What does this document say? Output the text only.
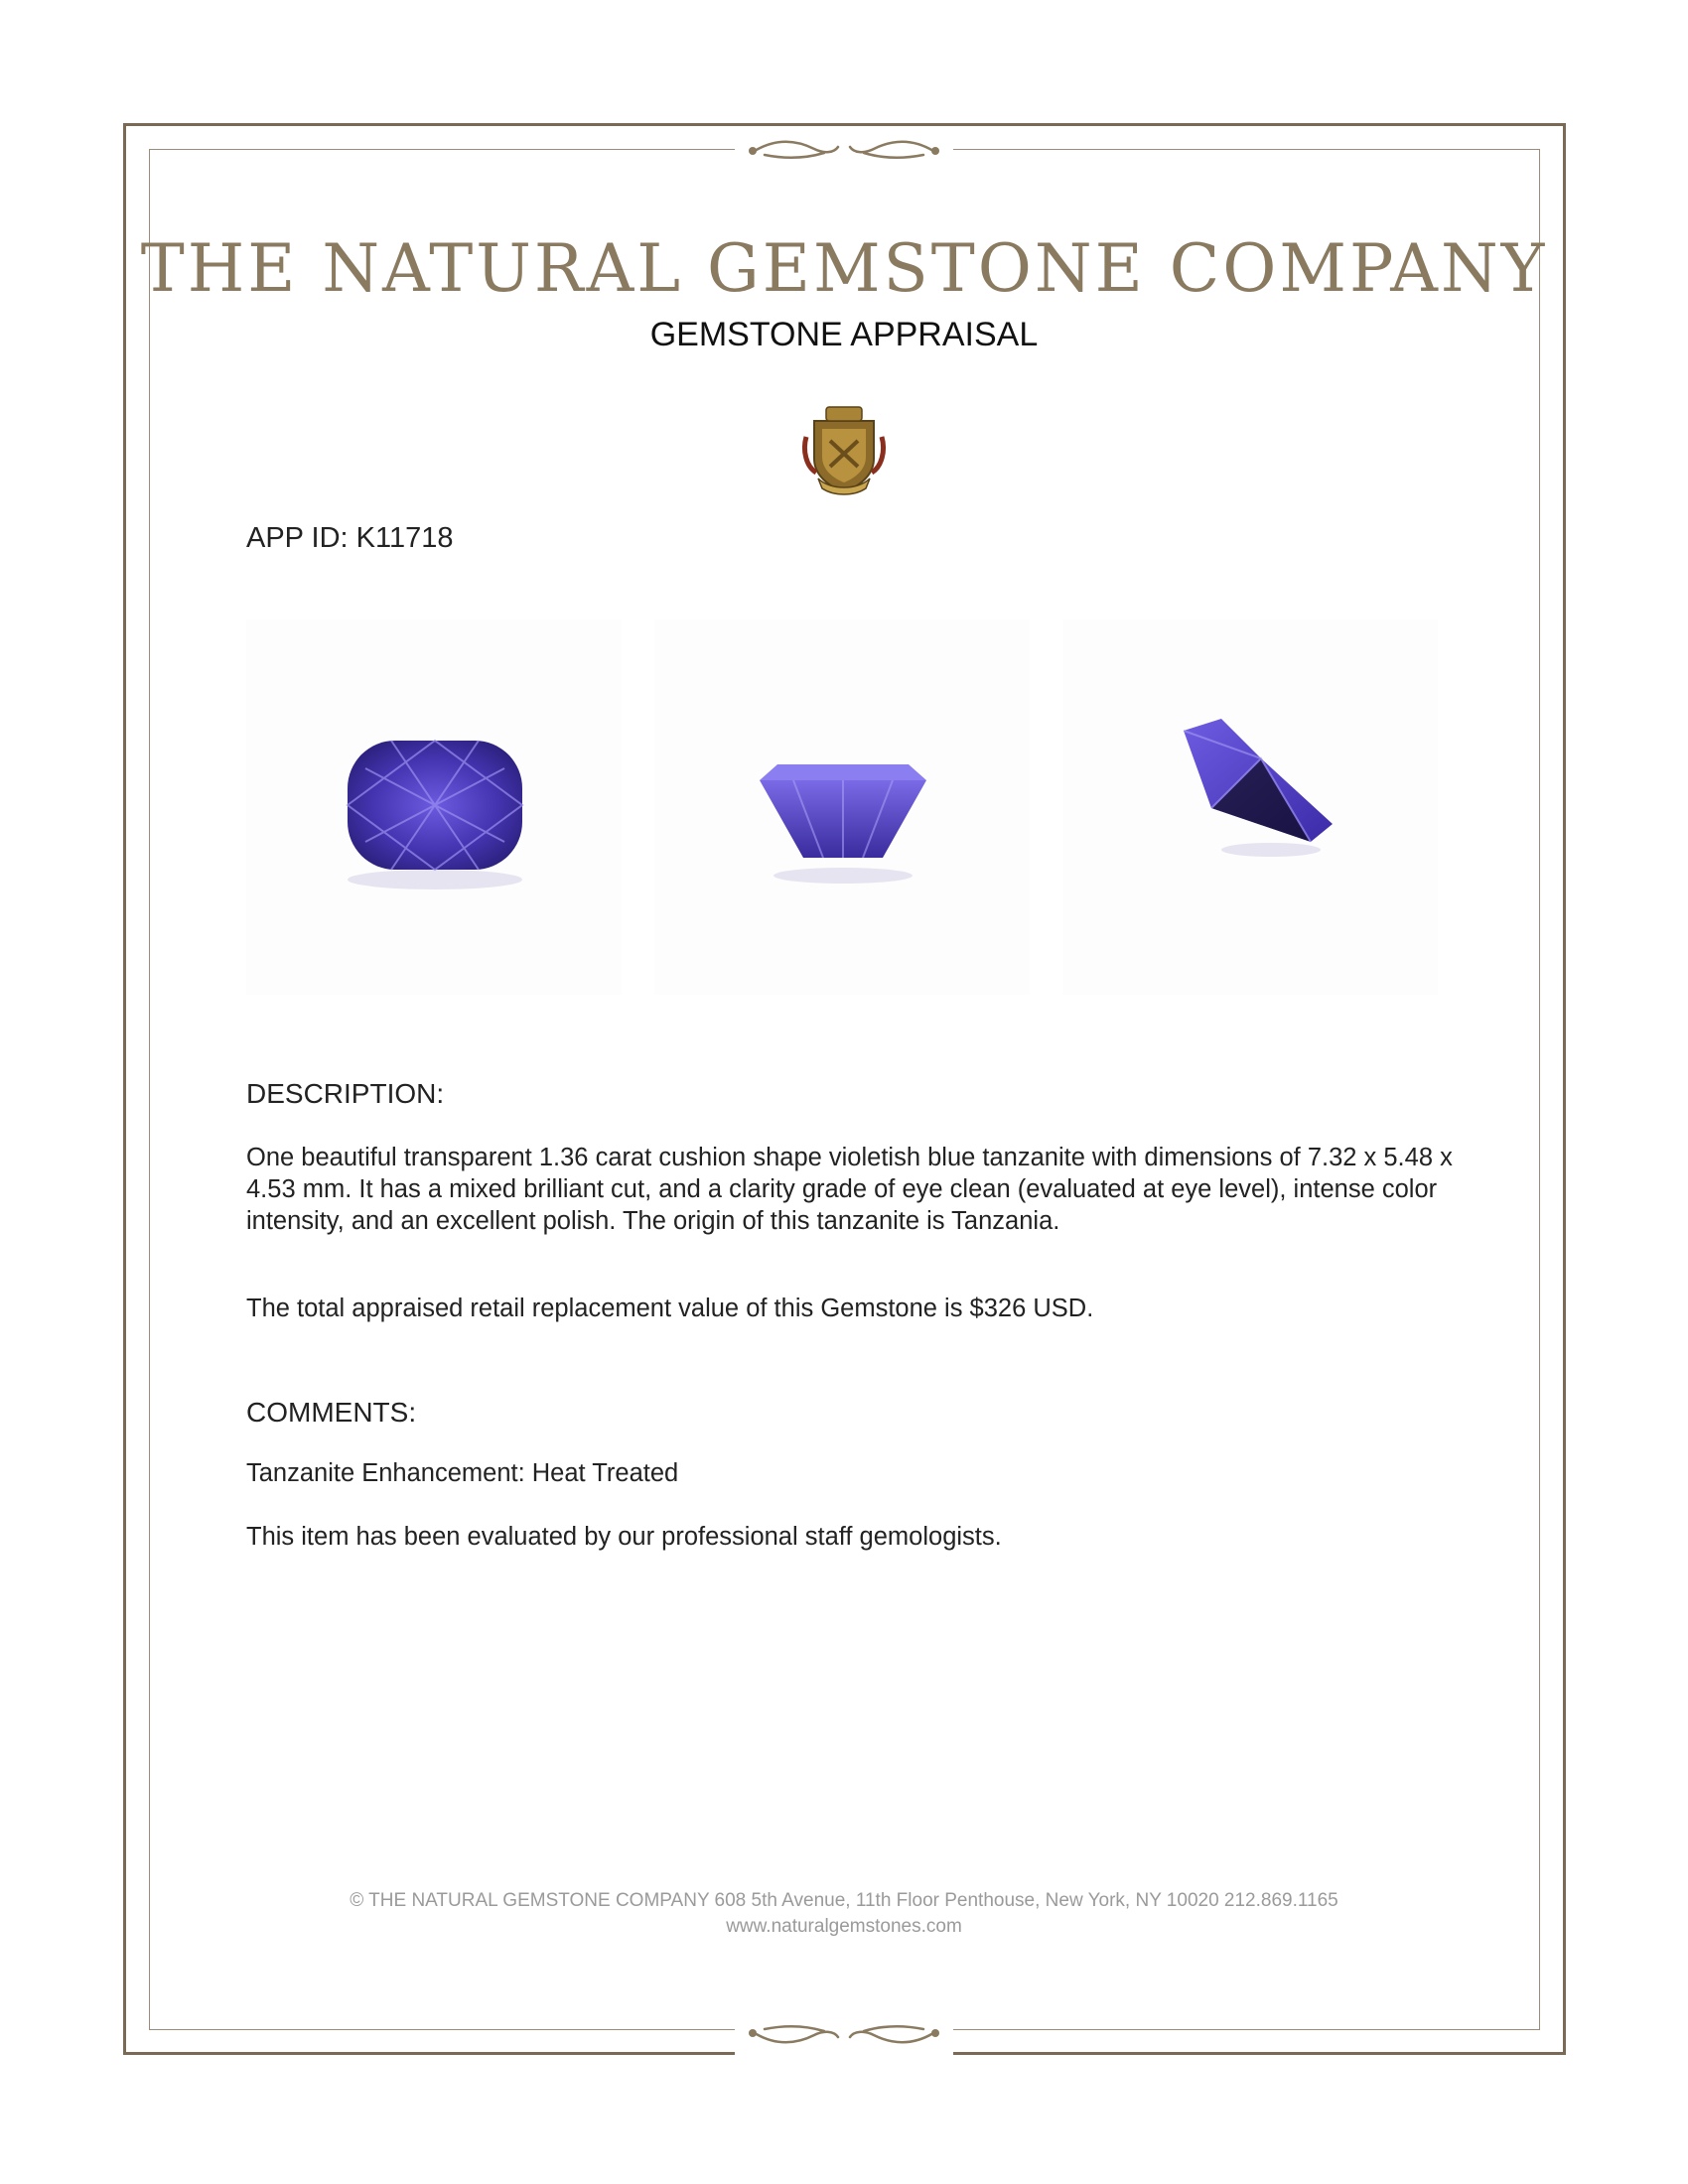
THE NATURAL GEMSTONE COMPANY
GEMSTONE APPRAISAL
APP ID: K11718
DESCRIPTION:
One beautiful transparent 1.36 carat cushion shape violetish blue tanzanite with dimensions of 7.32 x 5.48 x 4.53 mm. It has a mixed brilliant cut, and a clarity grade of eye clean (evaluated at eye level), intense color intensity, and an excellent polish. The origin of this tanzanite is Tanzania.
The total appraised retail replacement value of this Gemstone is $326 USD.
COMMENTS:
Tanzanite Enhancement: Heat Treated
This item has been evaluated by our professional staff gemologists.
© THE NATURAL GEMSTONE COMPANY 608 5th Avenue, 11th Floor Penthouse, New York, NY 10020 212.869.1165
www.naturalgemstones.com
